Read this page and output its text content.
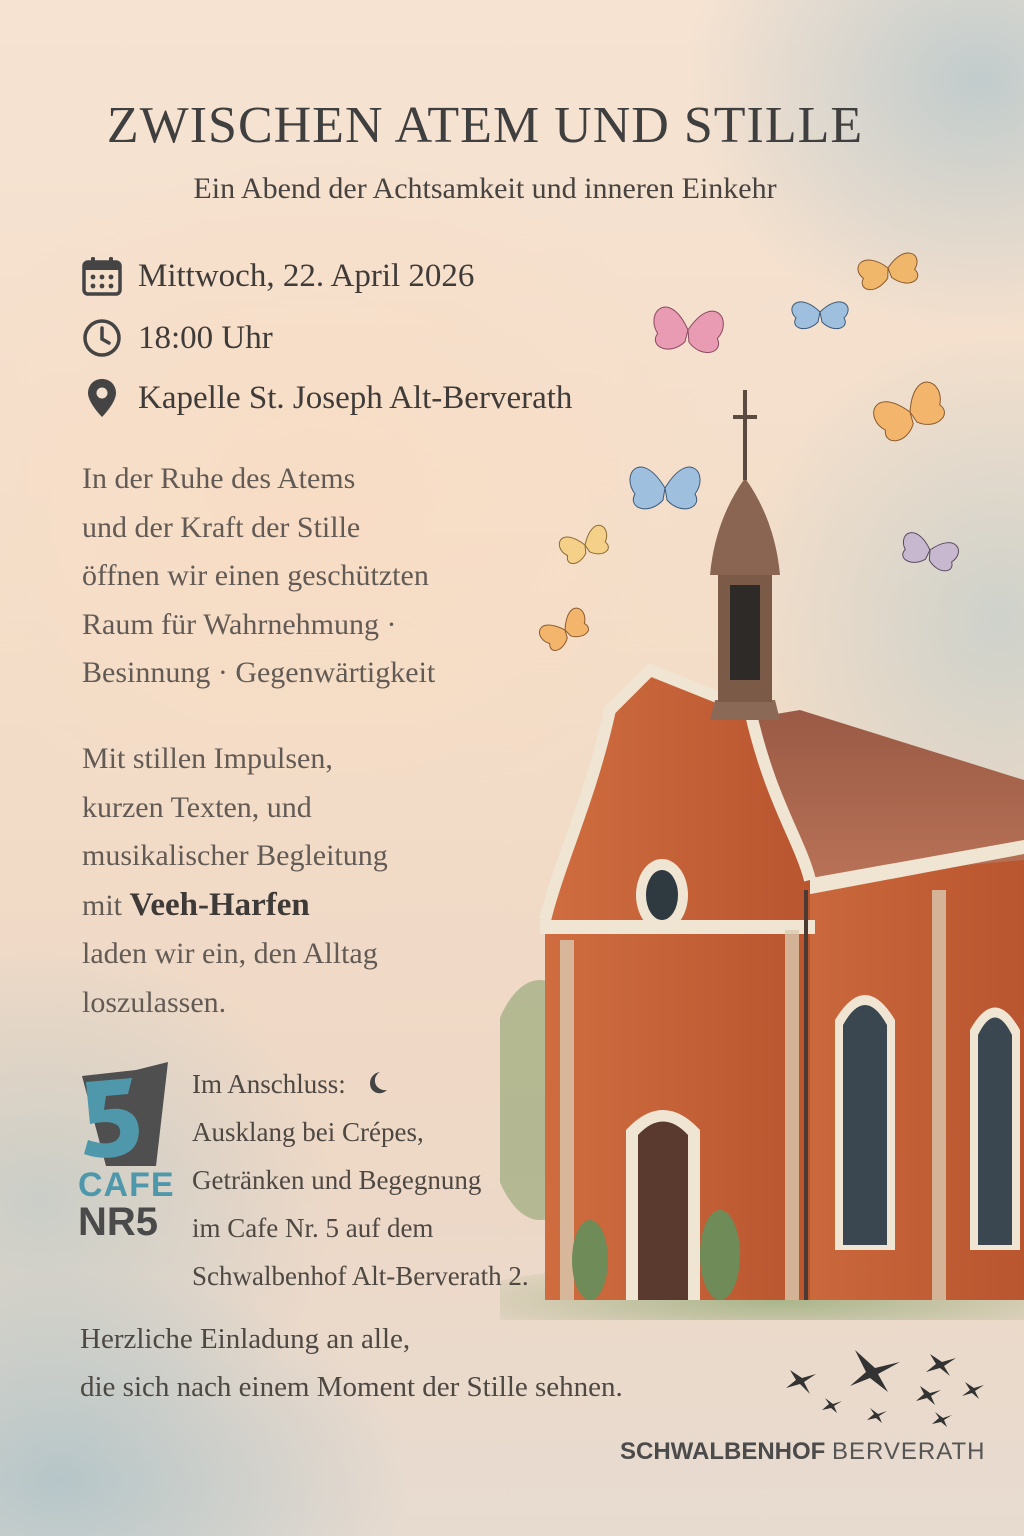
ZWISCHEN ATEM UND STILLE
Ein Abend der Achtsamkeit und inneren Einkehr
Mittwoch, 22. April 2026
18:00 Uhr
Kapelle St. Joseph Alt-Berverath
In der Ruhe des Atems
und der Kraft der Stille
öffnen wir einen geschützten
Raum für Wahrnehmung ·
Besinnung · Gegenwärtigkeit
Mit stillen Impulsen,
kurzen Texten, und
musikalischer Begleitung
mit Veeh-Harfen
laden wir ein, den Alltag
loszulassen.
CAFE
NR5
Im Anschluss:
Ausklang bei Crépes,
Getränken und Begegnung
im Cafe Nr. 5 auf dem
Schwalbenhof Alt-Berverath 2.
Herzliche Einladung an alle,
die sich nach einem Moment der Stille sehnen.
SCHWALBENHOF BERVERATH
